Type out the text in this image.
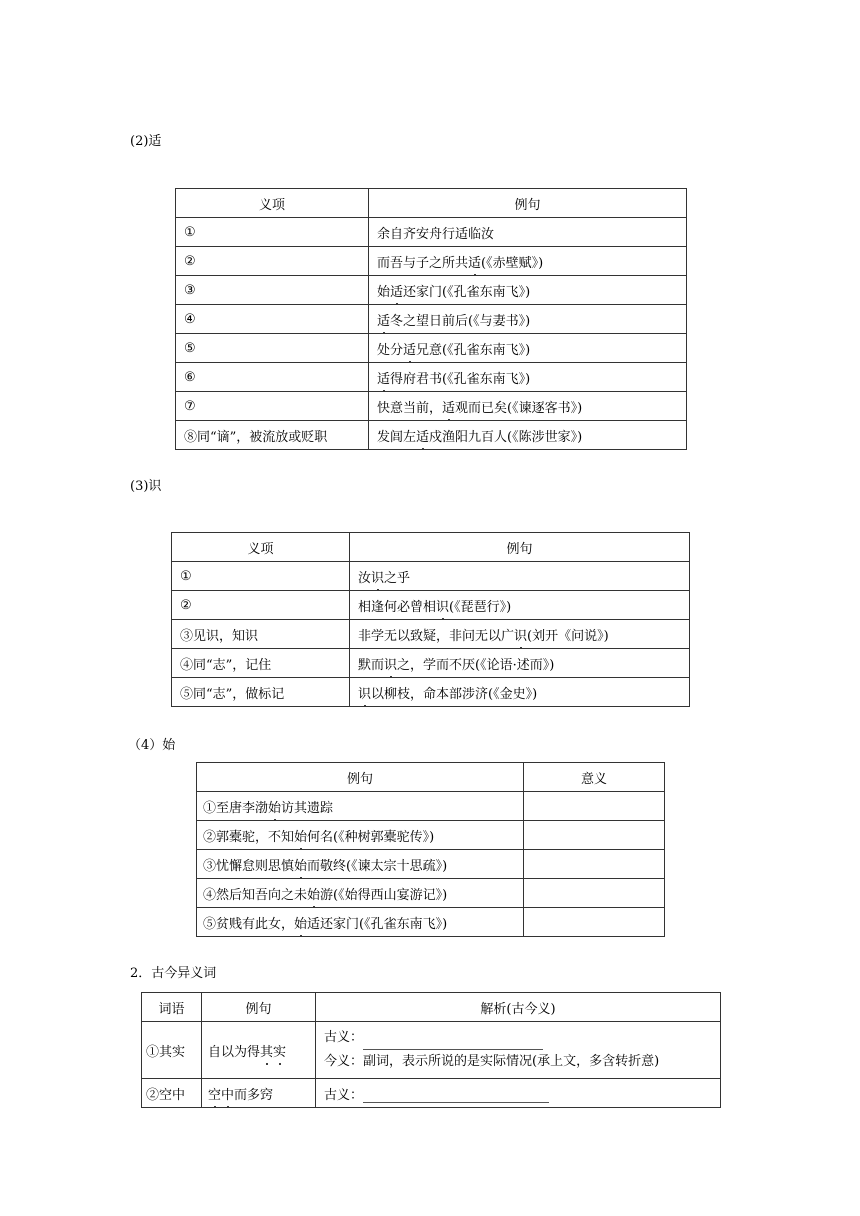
(2)适
义项	例句
①	余自齐安舟行适临汝
②	而吾与子之所共适(《赤壁赋》)
③	始适还家门(《孔雀东南飞》)
④	适冬之望日前后(《与妻书》)
⑤	处分适兄意(《孔雀东南飞》)
⑥	适得府君书(《孔雀东南飞》)
⑦	快意当前，适观而已矣(《谏逐客书》)
⑧同“谪”，被流放或贬职	发闾左适戍渔阳九百人(《陈涉世家》)
(3)识
义项	例句
①	汝识之乎
②	相逢何必曾相识(《琵琶行》)
③见识，知识	非学无以致疑，非问无以广识(刘开《问说》)
④同“志”，记住	默而识之，学而不厌(《论语·述而》)
⑤同“志”，做标记	识以柳枝，命本部涉济(《金史》)
（4）始
例句	意义
①至唐李渤始访其遗踪	
②郭橐驼，不知始何名(《种树郭橐驼传》)	
③忧懈怠则思慎始而敬终(《谏太宗十思疏》)	
④然后知吾向之未始游(《始得西山宴游记》)	
⑤贫贱有此女，始适还家门(《孔雀东南飞》)	
2．古今异义词
词语	例句	解析(古今义)
①其实	自以为得其实	古义：
今义：副词，表示所说的是实际情况(承上文，多含转折意)

②空中	空中而多窍	古义：
